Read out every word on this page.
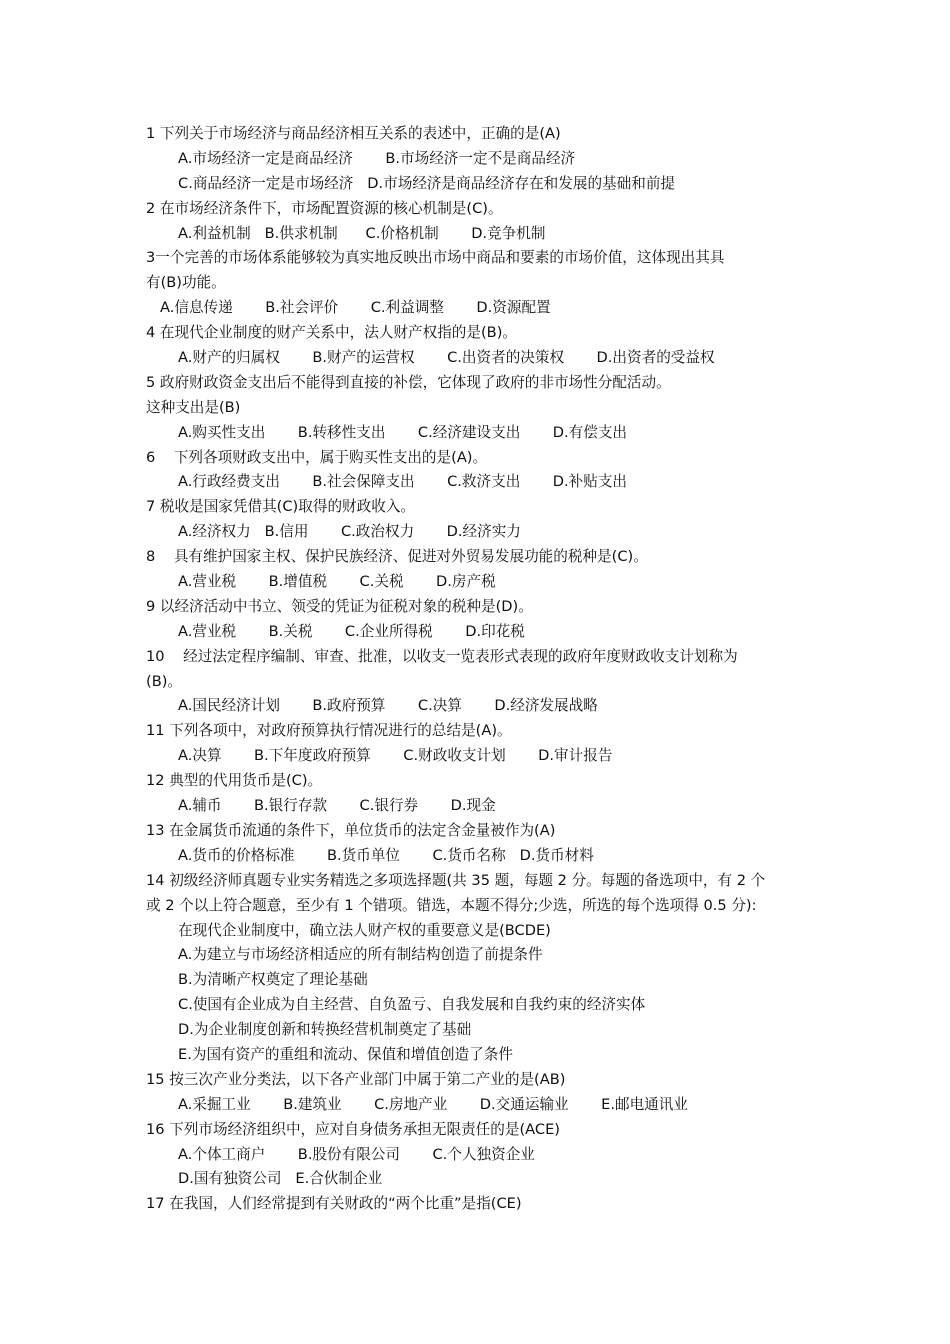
1 下列关于市场经济与商品经济相互关系的表述中，正确的是(A)
A.市场经济一定是商品经济       B.市场经济一定不是商品经济
C.商品经济一定是市场经济   D.市场经济是商品经济存在和发展的基础和前提
2 在市场经济条件下，市场配置资源的核心机制是(C)。
A.利益机制   B.供求机制      C.价格机制       D.竞争机制
3一个完善的市场体系能够较为真实地反映出市场中商品和要素的市场价值，这体现出其具
有(B)功能。
A.信息传递       B.社会评价       C.利益调整       D.资源配置
4 在现代企业制度的财产关系中，法人财产权指的是(B)。
A.财产的归属权       B.财产的运营权       C.出资者的决策权       D.出资者的受益权
5 政府财政资金支出后不能得到直接的补偿，它体现了政府的非市场性分配活动。
这种支出是(B)
A.购买性支出       B.转移性支出       C.经济建设支出       D.有偿支出
6    下列各项财政支出中，属于购买性支出的是(A)。
A.行政经费支出       B.社会保障支出       C.救济支出       D.补贴支出
7 税收是国家凭借其(C)取得的财政收入。
A.经济权力   B.信用       C.政治权力       D.经济实力
8    具有维护国家主权、保护民族经济、促进对外贸易发展功能的税种是(C)。
A.营业税       B.增值税       C.关税       D.房产税
9 以经济活动中书立、领受的凭证为征税对象的税种是(D)。
A.营业税       B.关税       C.企业所得税       D.印花税
10    经过法定程序编制、审查、批准，以收支一览表形式表现的政府年度财政收支计划称为
(B)。
A.国民经济计划       B.政府预算       C.决算       D.经济发展战略
11 下列各项中，对政府预算执行情况进行的总结是(A)。
A.决算       B.下年度政府预算       C.财政收支计划       D.审计报告
12 典型的代用货币是(C)。
A.辅币       B.银行存款       C.银行券       D.现金
13 在金属货币流通的条件下，单位货币的法定含金量被作为(A)
A.货币的价格标准       B.货币单位       C.货币名称   D.货币材料
14 初级经济师真题专业实务精选之多项选择题(共 35 题，每题 2 分。每题的备选项中，有 2 个
或 2 个以上符合题意，至少有 1 个错项。错选，本题不得分;少选，所选的每个选项得 0.5 分):
在现代企业制度中，确立法人财产权的重要意义是(BCDE)
A.为建立与市场经济相适应的所有制结构创造了前提条件
B.为清晰产权奠定了理论基础
C.使国有企业成为自主经营、自负盈亏、自我发展和自我约束的经济实体
D.为企业制度创新和转换经营机制奠定了基础
E.为国有资产的重组和流动、保值和增值创造了条件
15 按三次产业分类法，以下各产业部门中属于第二产业的是(AB)
A.采掘工业       B.建筑业       C.房地产业       D.交通运输业       E.邮电通讯业
16 下列市场经济组织中，应对自身债务承担无限责任的是(ACE)
A.个体工商户       B.股份有限公司       C.个人独资企业
D.国有独资公司   E.合伙制企业
17 在我国，人们经常提到有关财政的“两个比重”是指(CE)
